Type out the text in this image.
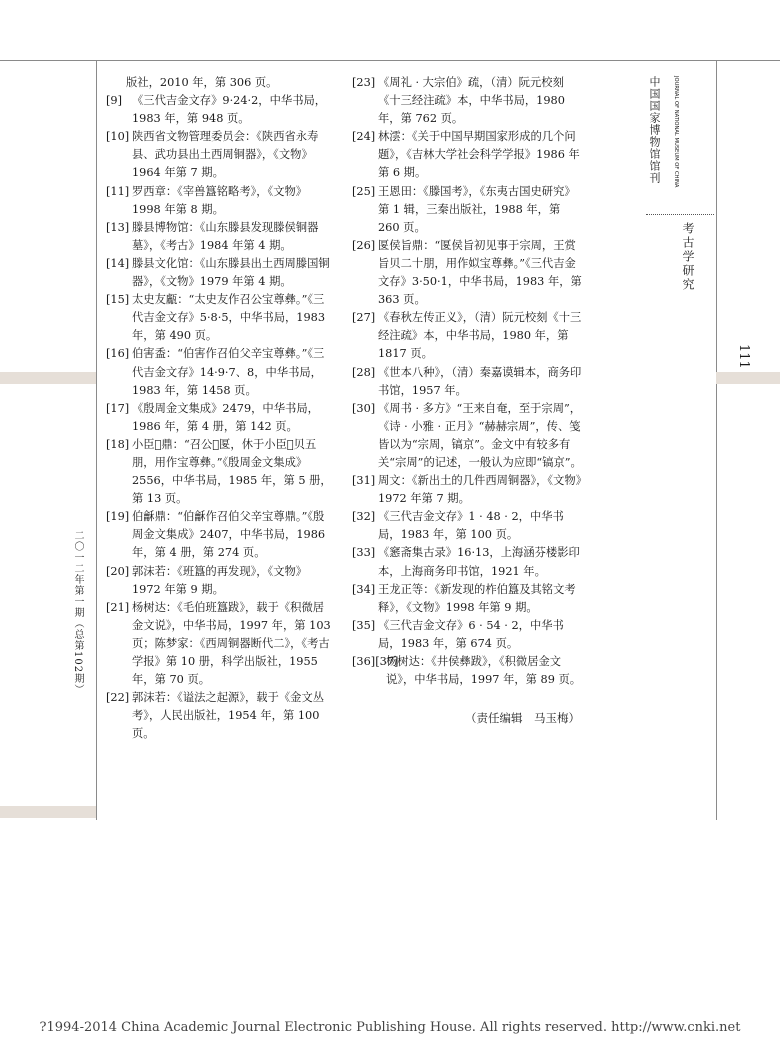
版社，2010 年，第 306 页。
[9] 《三代吉金文存》9·24·2，中华书局，1983 年，第 948 页。
[10] 陕西省文物管理委员会：《陕西省永寿县、武功县出土西周铜器》，《文物》1964 年第 7 期。
[11] 罗西章：《宰兽簋铭略考》，《文物》1998 年第 8 期。
[13] 滕县博物馆：《山东滕县发现滕侯铜器墓》，《考古》1984 年第 4 期。
[14] 滕县文化馆：《山东滕县出土西周滕国铜器》，《文物》1979 年第 4 期。
[15] 太史友甗：“太史友作召公宝尊彝。”《三代吉金文存》5·8·5，中华书局，1983 年，第 490 页。
[16] 伯害盉：“伯害作召伯父辛宝尊彝。”《三代吉金文存》14·9·7、8，中华书局，1983 年，第 1458 页。
[17] 《殷周金文集成》2479，中华书局，1986 年，第 4 册，第 142 页。
[18] 小臣𬍓鼎：“召公𡉚匽，休于小臣𬍓贝五朋，用作宝尊彝。”《殷周金文集成》2556，中华书局，1985 年，第 5 册，第 13 页。
[19] 伯龢鼎：“伯龢作召伯父辛宝尊鼎。”《殷周金文集成》2407，中华书局，1986 年，第 4 册，第 274 页。
[20] 郭沫若：《班簋的再发现》，《文物》1972 年第 9 期。
[21] 杨树达：《毛伯班簋跋》，载于《积微居金文说》，中华书局，1997 年，第 103 页；陈梦家：《西周铜器断代二》，《考古学报》第 10 册，科学出版社，1955 年，第 70 页。
[22] 郭沫若：《谥法之起源》，载于《金文丛考》，人民出版社，1954 年，第 100 页。
[23] 《周礼 · 大宗伯》疏，（清）阮元校刻《十三经注疏》本，中华书局，1980 年，第 762 页。
[24] 林澐：《关于中国早期国家形成的几个问题》，《吉林大学社会科学学报》1986 年第 6 期。
[25] 王恩田：《滕国考》，《东夷古国史研究》第 1 辑，三秦出版社，1988 年，第 260 页。
[26] 匽侯旨鼎：“匽侯旨初见事于宗周，王赏旨贝二十朋，用作姒宝尊彝。”《三代吉金文存》3·50·1，中华书局，1983 年，第 363 页。
[27] 《春秋左传正义》，（清）阮元校刻《十三经注疏》本，中华书局，1980 年，第 1817 页。
[28] 《世本八种》，（清）秦嘉谟辑本，商务印书馆，1957 年。
[30] 《周书 · 多方》“王来自奄，至于宗周”，《诗 · 小雅 · 正月》“赫赫宗周”，传、笺皆以为“宗周，镐京”。金文中有较多有关“宗周”的记述，一般认为应即“镐京”。
[31] 周文：《新出土的几件西周铜器》，《文物》1972 年第 7 期。
[32] 《三代吉金文存》1 · 48 · 2，中华书局，1983 年，第 100 页。
[33] 《窸斋集古录》16·13，上海涵芬楼影印本，上海商务印书馆，1921 年。
[34] 王龙正等：《新发现的柞伯簋及其铭文考释》，《文物》1998 年第 9 期。
[35] 《三代吉金文存》6 · 54 · 2，中华书局，1983 年，第 674 页。
[36][37]
杨树达：《井侯彝跋》，《积微居金文说》，中华书局，1997 年，第 89 页。
（责任编辑　马玉梅）
中国国家博物馆馆刊	JOURNAL OF NATIONAL MUSEUM OF CHINA
考古学研究
111
二〇一二年第一期（总第102期）
?1994-2014 China Academic Journal Electronic Publishing House. All rights reserved. http://www.cnki.net
